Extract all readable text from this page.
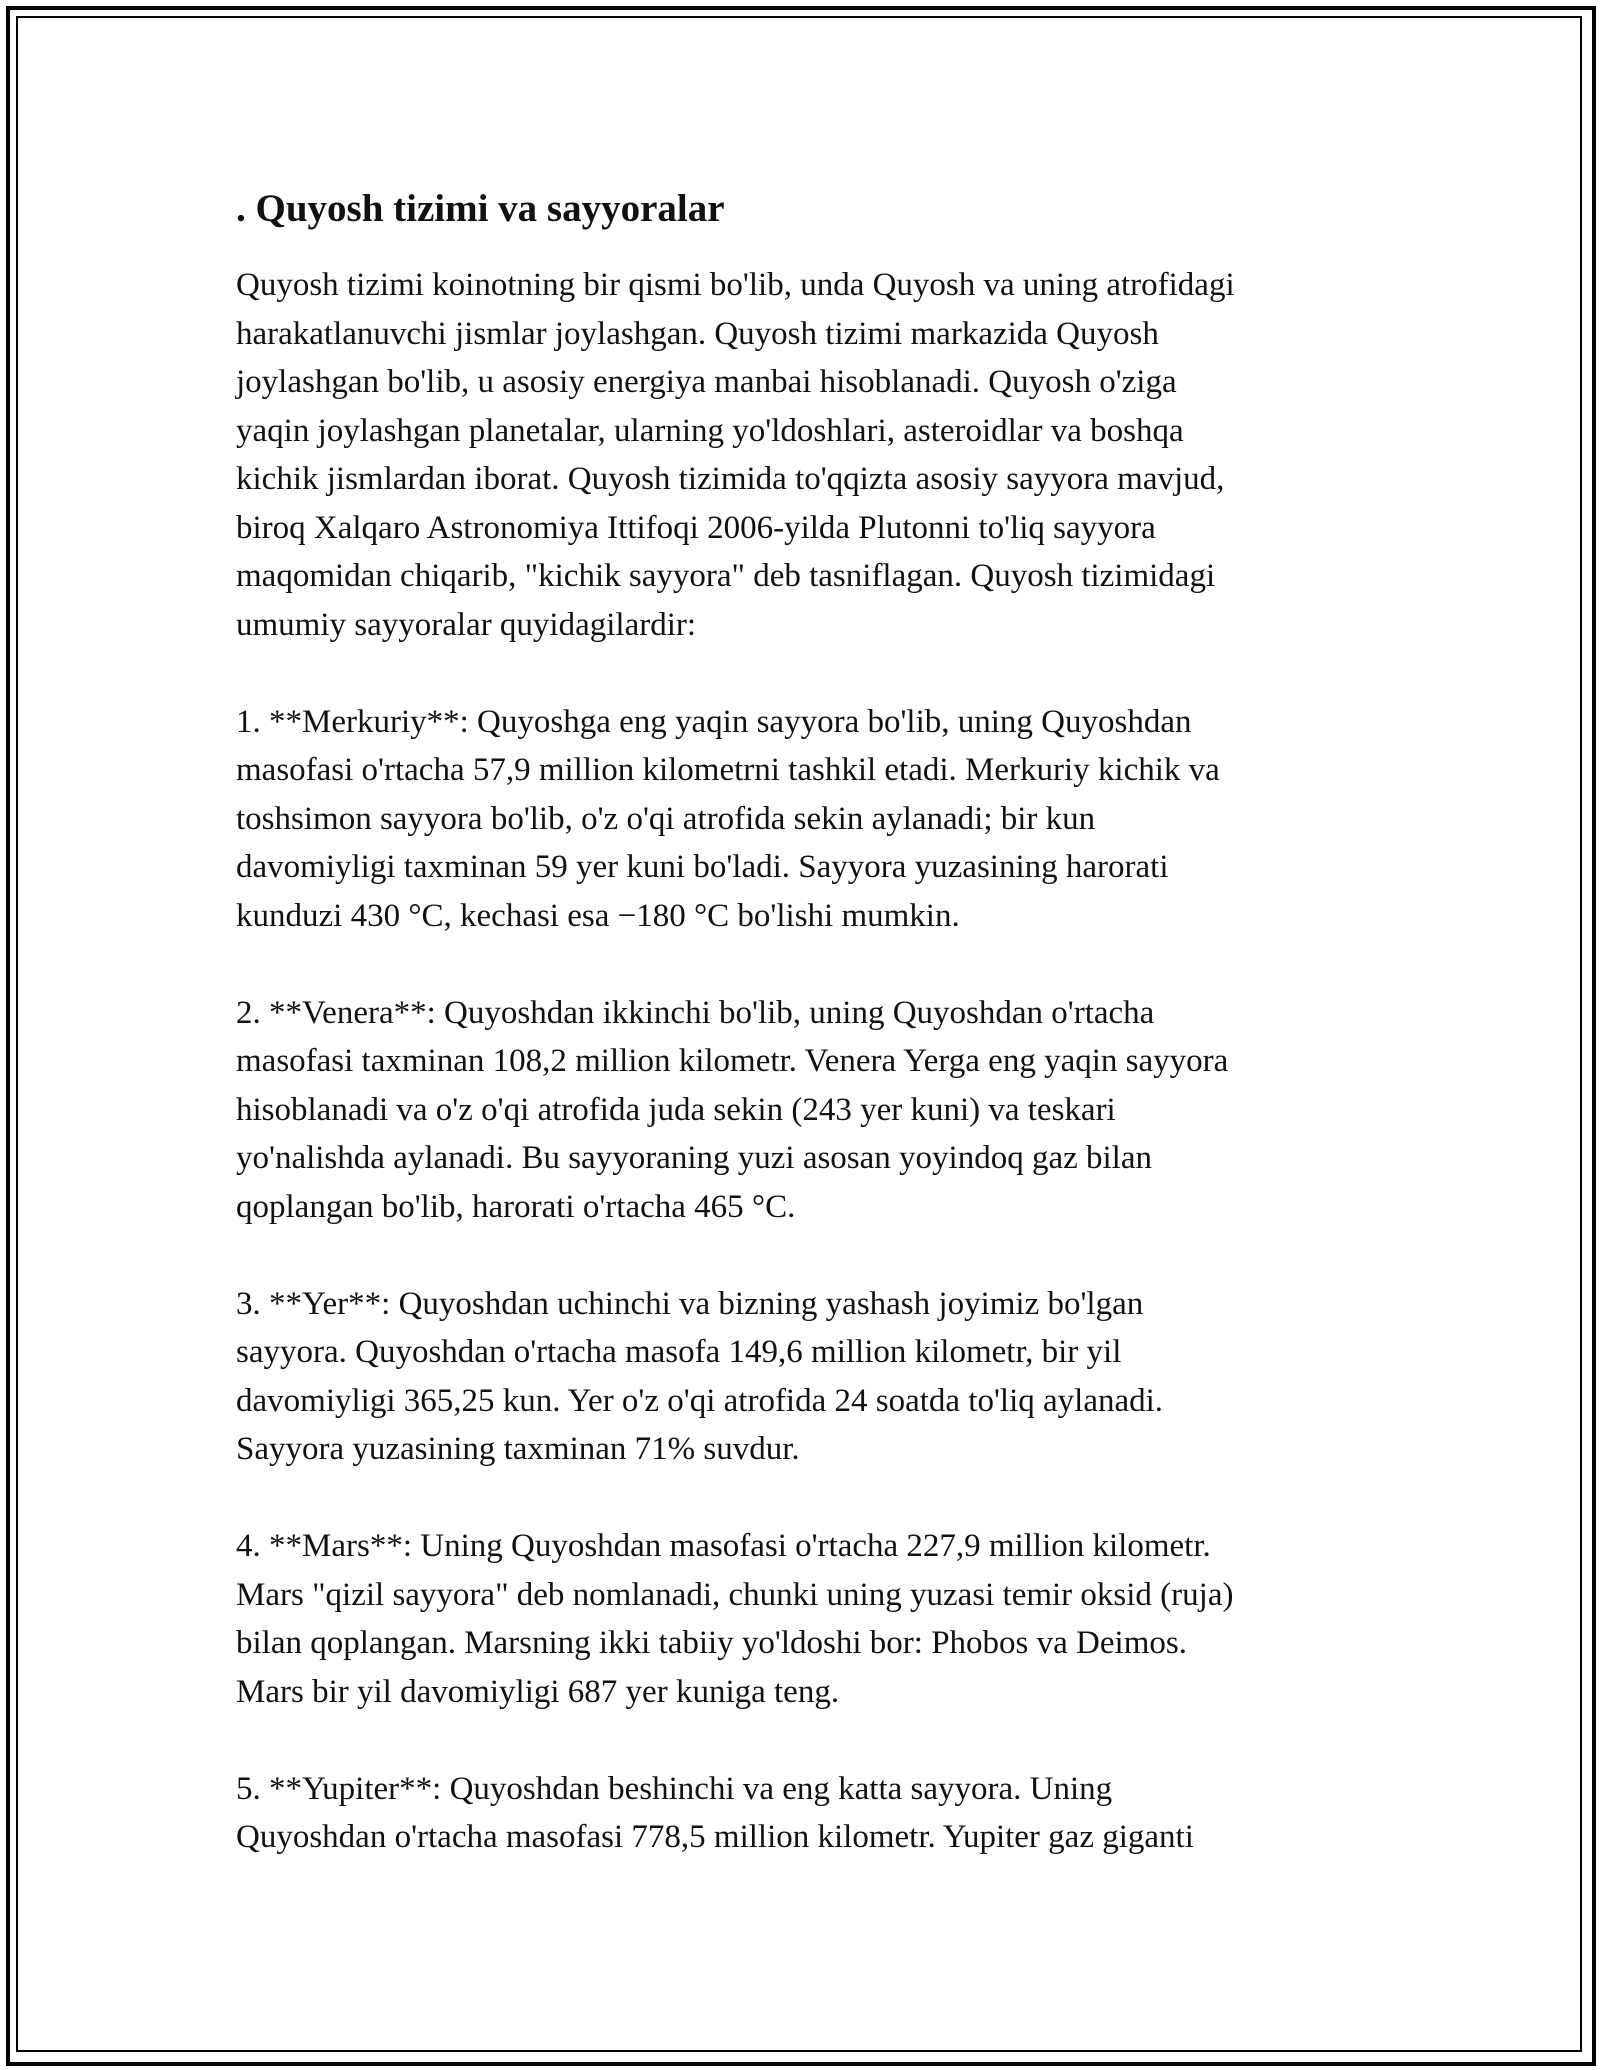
. Quyosh tizimi va sayyoralar

Quyosh tizimi koinotning bir qismi bo'lib, unda Quyosh va uning atrofidagi
harakatlanuvchi jismlar joylashgan. Quyosh tizimi markazida Quyosh
joylashgan bo'lib, u asosiy energiya manbai hisoblanadi. Quyosh o'ziga
yaqin joylashgan planetalar, ularning yo'ldoshlari, asteroidlar va boshqa
kichik jismlardan iborat. Quyosh tizimida to'qqizta asosiy sayyora mavjud,
biroq Xalqaro Astronomiya Ittifoqi 2006-yilda Plutonni to'liq sayyora
maqomidan chiqarib, "kichik sayyora" deb tasniflagan. Quyosh tizimidagi
umumiy sayyoralar quyidagilardir:

1. **Merkuriy**: Quyoshga eng yaqin sayyora bo'lib, uning Quyoshdan
masofasi o'rtacha 57,9 million kilometrni tashkil etadi. Merkuriy kichik va
toshsimon sayyora bo'lib, o'z o'qi atrofida sekin aylanadi; bir kun
davomiyligi taxminan 59 yer kuni bo'ladi. Sayyora yuzasining harorati
kunduzi 430 °C, kechasi esa −180 °C bo'lishi mumkin.

2. **Venera**: Quyoshdan ikkinchi bo'lib, uning Quyoshdan o'rtacha
masofasi taxminan 108,2 million kilometr. Venera Yerga eng yaqin sayyora
hisoblanadi va o'z o'qi atrofida juda sekin (243 yer kuni) va teskari
yo'nalishda aylanadi. Bu sayyoraning yuzi asosan yoyindoq gaz bilan
qoplangan bo'lib, harorati o'rtacha 465 °C.

3. **Yer**: Quyoshdan uchinchi va bizning yashash joyimiz bo'lgan
sayyora. Quyoshdan o'rtacha masofa 149,6 million kilometr, bir yil
davomiyligi 365,25 kun. Yer o'z o'qi atrofida 24 soatda to'liq aylanadi.
Sayyora yuzasining taxminan 71% suvdur.

4. **Mars**: Uning Quyoshdan masofasi o'rtacha 227,9 million kilometr.
Mars "qizil sayyora" deb nomlanadi, chunki uning yuzasi temir oksid (ruja)
bilan qoplangan. Marsning ikki tabiiy yo'ldoshi bor: Phobos va Deimos.
Mars bir yil davomiyligi 687 yer kuniga teng.

5. **Yupiter**: Quyoshdan beshinchi va eng katta sayyora. Uning
Quyoshdan o'rtacha masofasi 778,5 million kilometr. Yupiter gaz giganti
